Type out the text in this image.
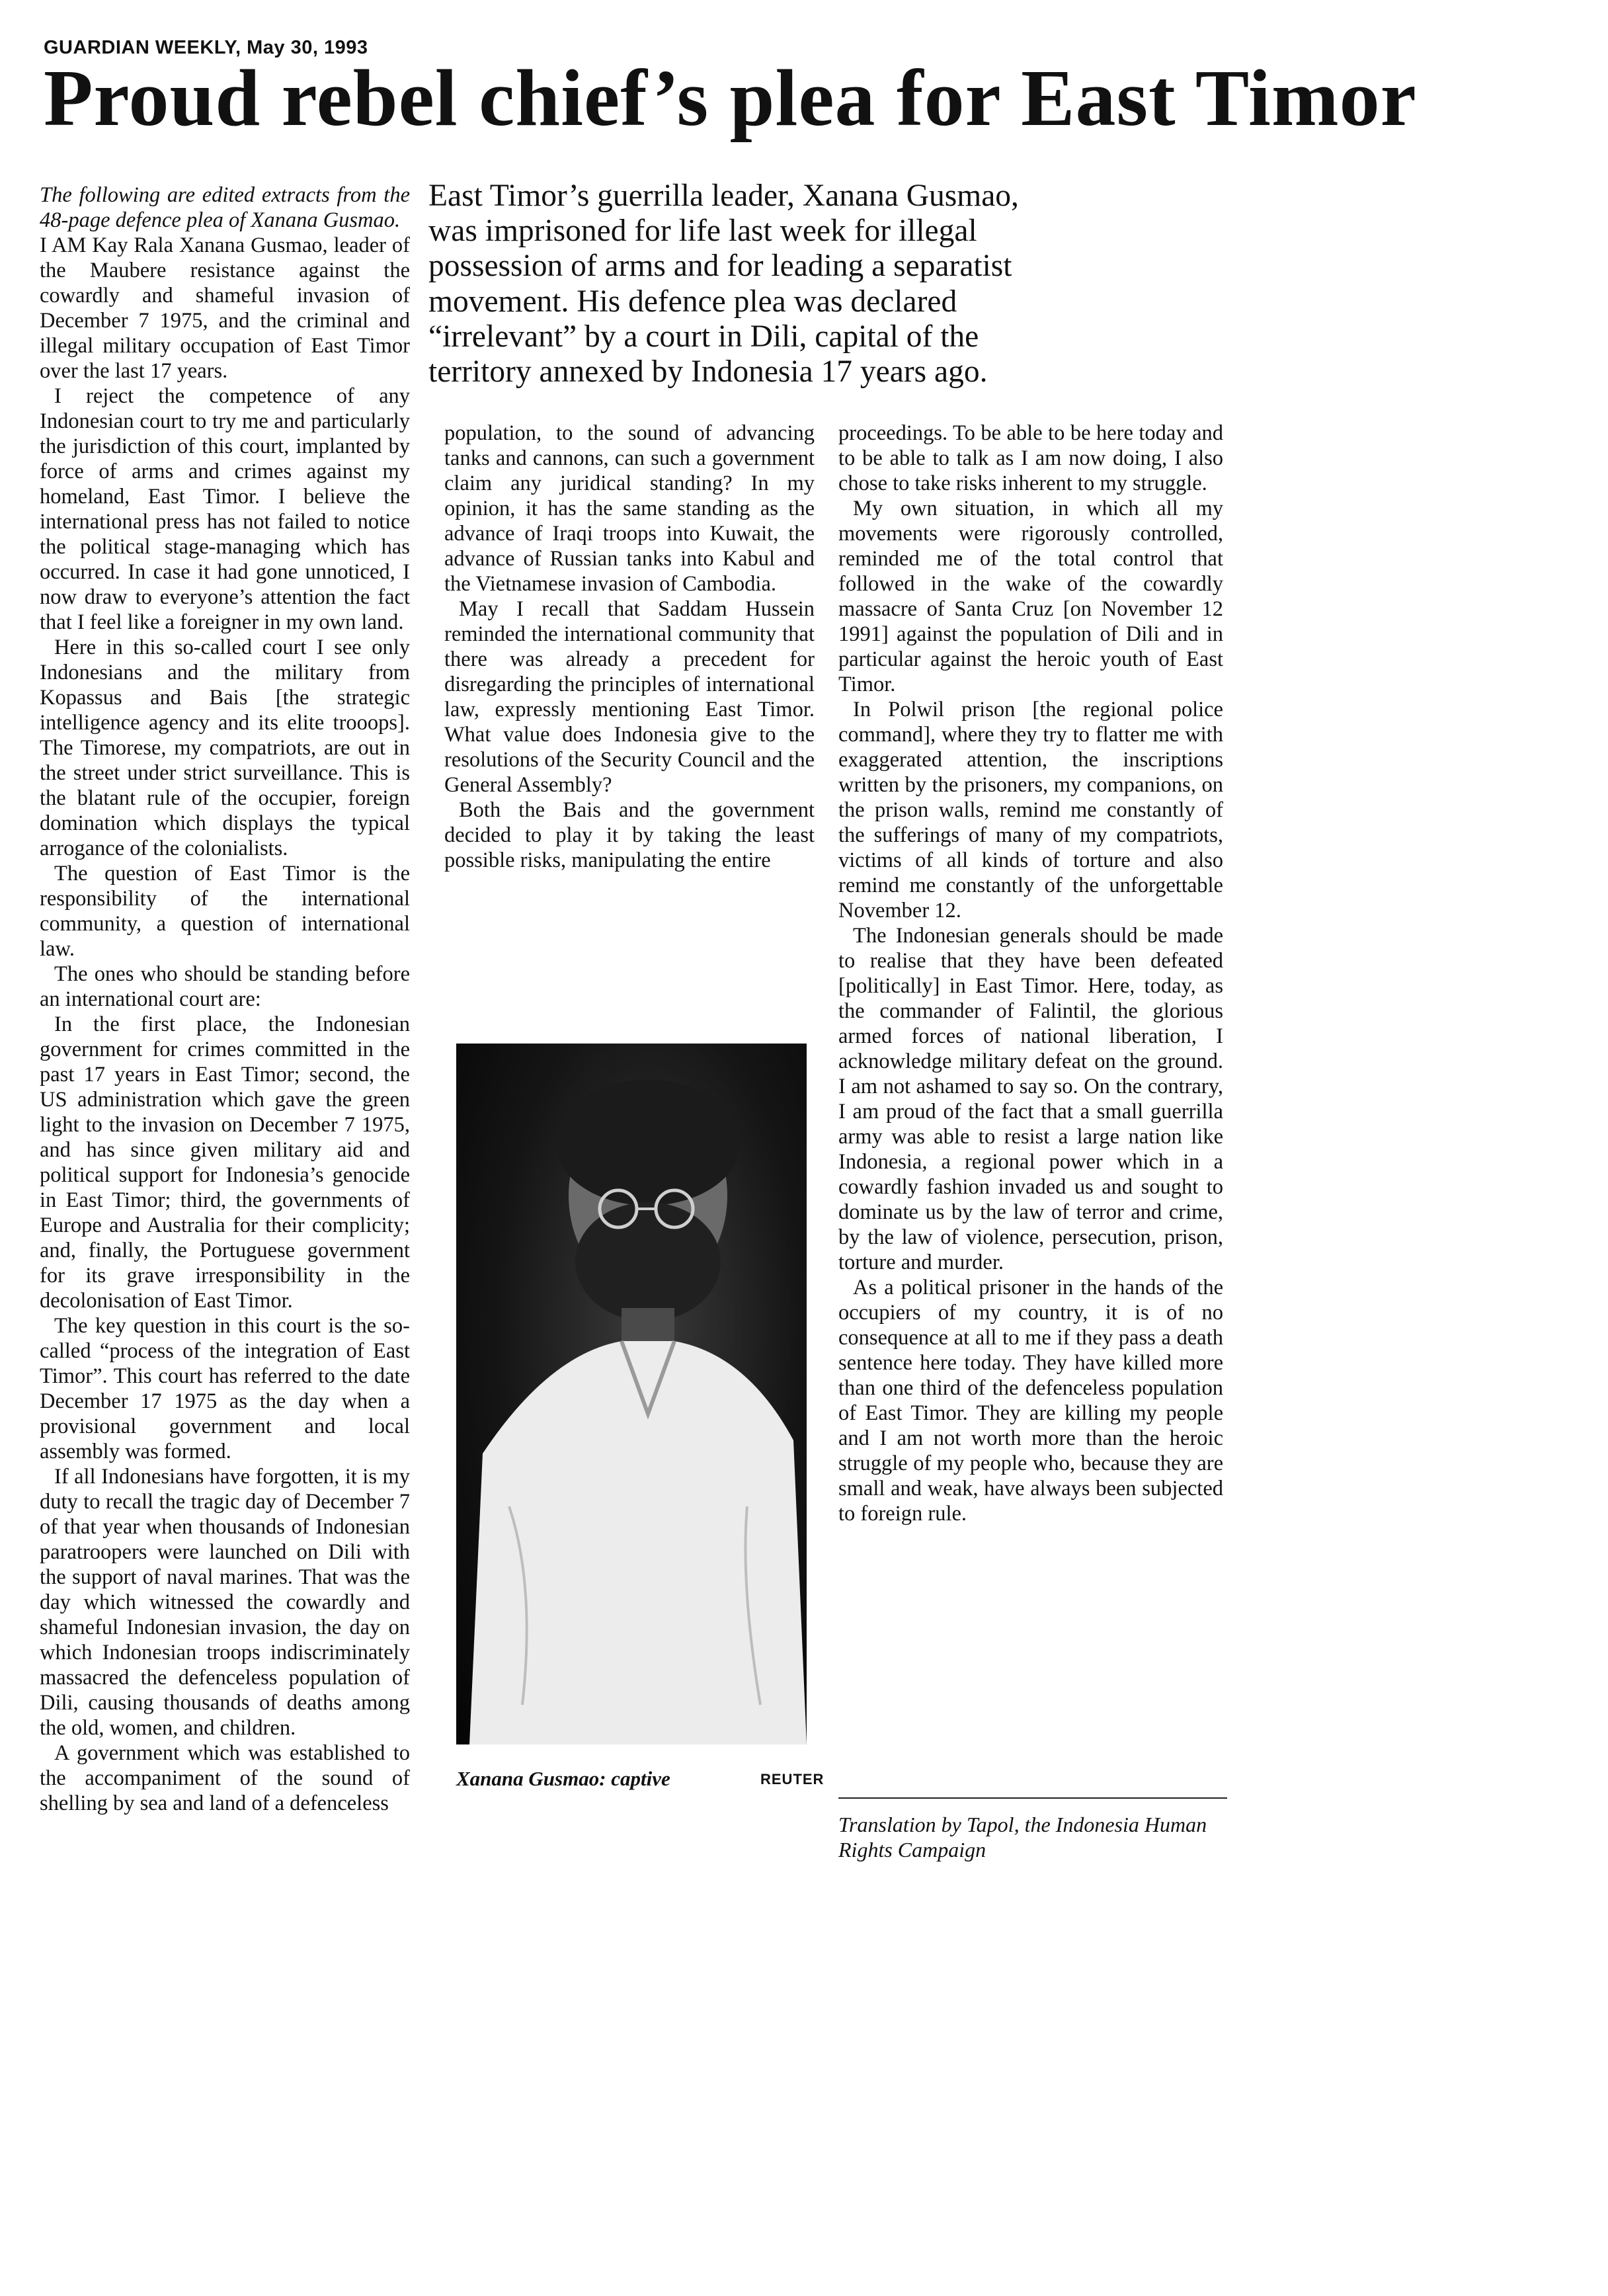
GUARDIAN WEEKLY, May 30, 1993
Proud rebel chief’s plea for East Timor
East Timor’s guerrilla leader, Xanana Gusmao,
was imprisoned for life last week for illegal
possession of arms and for leading a separatist
movement. His defence plea was declared
“irrelevant” by a court in Dili, capital of the
territory annexed by Indonesia 17 years ago.

The following are edited extracts from the 48-page defence plea of Xanana Gusmao.

I AM Kay Rala Xanana Gusmao, leader of the Maubere resistance against the cowardly and shameful invasion of December 7 1975, and the criminal and illegal military occupation of East Timor over the last 17 years.

I reject the competence of any Indonesian court to try me and particularly the jurisdiction of this court, implanted by force of arms and crimes against my homeland, East Timor. I believe the international press has not failed to notice the political stage-managing which has occurred. In case it had gone unnoticed, I now draw to everyone’s attention the fact that I feel like a foreigner in my own land.

Here in this so-called court I see only Indonesians and the military from Kopassus and Bais [the strategic intelligence agency and its elite trooops]. The Timorese, my compatriots, are out in the street under strict surveillance. This is the blatant rule of the occupier, foreign domination which displays the typical arrogance of the colonialists.

The question of East Timor is the responsibility of the international community, a question of international law.

The ones who should be standing before an international court are:

In the first place, the Indonesian government for crimes committed in the past 17 years in East Timor; second, the US administration which gave the green light to the invasion on December 7 1975, and has since given military aid and political support for Indonesia’s genocide in East Timor; third, the governments of Europe and Australia for their complicity; and, finally, the Portuguese government for its grave irresponsibility in the decolonisation of East Timor.

The key question in this court is the so-called “process of the integration of East Timor”. This court has referred to the date December 17 1975 as the day when a provisional government and local assembly was formed.

If all Indonesians have forgotten, it is my duty to recall the tragic day of December 7 of that year when thousands of Indonesian paratroopers were launched on Dili with the support of naval marines. That was the day which witnessed the cowardly and shameful Indonesian invasion, the day on which Indonesian troops indiscriminately massacred the defenceless population of Dili, causing thousands of deaths among the old, women, and children.

A government which was established to the accompaniment of the sound of shelling by sea and land of a defenceless

population, to the sound of advancing tanks and cannons, can such a government claim any juridical standing? In my opinion, it has the same standing as the advance of Iraqi troops into Kuwait, the advance of Russian tanks into Kabul and the Vietnamese invasion of Cambodia.

May I recall that Saddam Hussein reminded the international community that there was already a precedent for disregarding the principles of international law, expressly mentioning East Timor. What value does Indonesia give to the resolutions of the Security Council and the General Assembly?

Both the Bais and the government decided to play it by taking the least possible risks, manipulating the entire

Xanana Gusmao: captive	REUTER

proceedings. To be able to be here today and to be able to talk as I am now doing, I also chose to take risks inherent to my struggle.

My own situation, in which all my movements were rigorously controlled, reminded me of the total control that followed in the wake of the cowardly massacre of Santa Cruz [on November 12 1991] against the population of Dili and in particular against the heroic youth of East Timor.

In Polwil prison [the regional police command], where they try to flatter me with exaggerated attention, the inscriptions written by the prisoners, my companions, on the prison walls, remind me constantly of the sufferings of many of my compatriots, victims of all kinds of torture and also remind me constantly of the unforgettable November 12.

The Indonesian generals should be made to realise that they have been defeated [politically] in East Timor. Here, today, as the commander of Falintil, the glorious armed forces of national liberation, I acknowledge military defeat on the ground. I am not ashamed to say so. On the contrary, I am proud of the fact that a small guerrilla army was able to resist a large nation like Indonesia, a regional power which in a cowardly fashion invaded us and sought to dominate us by the law of terror and crime, by the law of violence, persecution, prison, torture and murder.

As a political prisoner in the hands of the occupiers of my country, it is of no consequence at all to me if they pass a death sentence here today. They have killed more than one third of the defenceless population of East Timor. They are killing my people and I am not worth more than the heroic struggle of my people who, because they are small and weak, have always been subjected to foreign rule.

Translation by Tapol, the Indonesia Human Rights Campaign
